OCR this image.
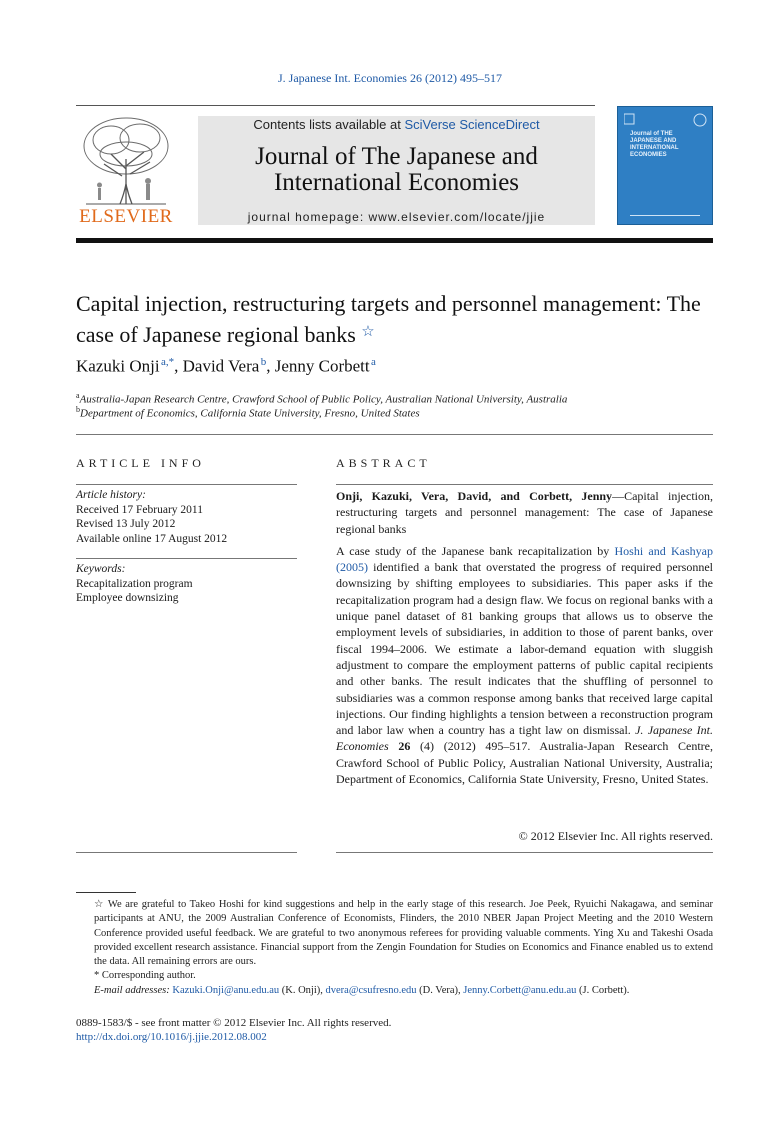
J. Japanese Int. Economies 26 (2012) 495–517
ELSEVIER
Contents lists available at SciVerse ScienceDirect
Journal of The Japanese and
International Economies
journal homepage: www.elsevier.com/locate/jjie
Journal of THE JAPANESE AND INTERNATIONAL ECONOMIES
Capital injection, restructuring targets and personnel management: The case of Japanese regional banks ☆
Kazuki Onji $^{a,*}$, David Vera $^b$, Jenny Corbett $^a$
$^a$Australia-Japan Research Centre, Crawford School of Public Policy, Australian National University, Australia
$^b$Department of Economics, California State University, Fresno, United States
ARTICLE INFO	ABSTRACT
Article history:
Received 17 February 2011
Revised 13 July 2012
Available online 17 August 2012
Keywords:
Recapitalization program
Employee downsizing

Onji, Kazuki, Vera, David, and Corbett, Jenny—Capital injection, restructuring targets and personnel management: The case of Japanese regional banks

A case study of the Japanese bank recapitalization by Hoshi and Kashyap (2005) identified a bank that overstated the progress of required personnel downsizing by shifting employees to subsidiaries. This paper asks if the recapitalization program had a design flaw. We focus on regional banks with a unique panel dataset of 81 banking groups that allows us to observe the employment levels of subsidiaries, in addition to those of parent banks, over fiscal 1994–2006. We estimate a labor-demand equation with sluggish adjustment to compare the employment patterns of public capital recipients and other banks. The result indicates that the shuffling of personnel to subsidiaries was a common response among banks that received large capital injections. Our finding highlights a tension between a reconstruction program and labor law when a country has a tight law on dismissal. J. Japanese Int. Economies 26 (4) (2012) 495–517. Australia-Japan Research Centre, Crawford School of Public Policy, Australian National University, Australia; Department of Economics, California State University, Fresno, United States.

© 2012 Elsevier Inc. All rights reserved.

☆ We are grateful to Takeo Hoshi for kind suggestions and help in the early stage of this research. Joe Peek, Ryuichi Nakagawa, and seminar participants at ANU, the 2009 Australian Conference of Economists, Flinders, the 2010 NBER Japan Project Meeting and the 2010 Western Conference provided useful feedback. We are grateful to two anonymous referees for providing valuable comments. Ying Xu and Takeshi Osada provided excellent research assistance. Financial support from the Zengin Foundation for Studies on Economics and Finance enabled us to extend the data. All remaining errors are ours.

* Corresponding author.

E-mail addresses: Kazuki.Onji@anu.edu.au (K. Onji), dvera@csufresno.edu (D. Vera), Jenny.Corbett@anu.edu.au (J. Corbett).

0889-1583/$ - see front matter © 2012 Elsevier Inc. All rights reserved.
http://dx.doi.org/10.1016/j.jjie.2012.08.002
